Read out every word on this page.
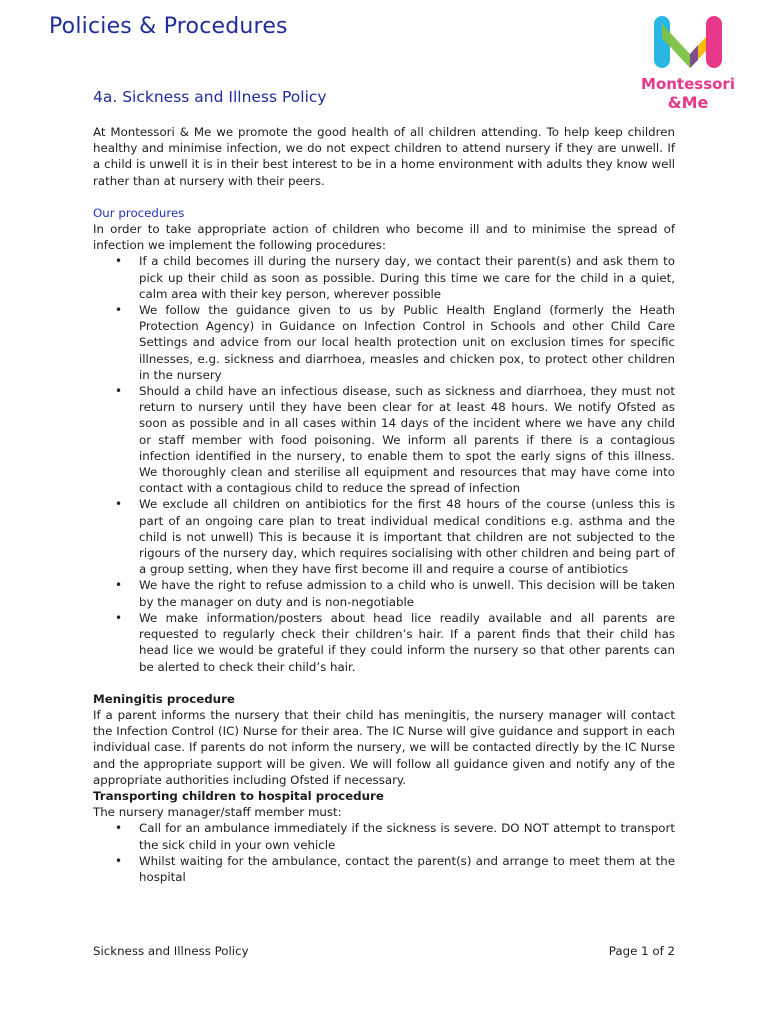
Policies & Procedures
Montessori
&Me
4a. Sickness and Illness Policy

At Montessori & Me we promote the good health of all children attending. To help keep children healthy and minimise infection, we do not expect children to attend nursery if they are unwell. If a child is unwell it is in their best interest to be in a home environment with adults they know well rather than at nursery with their peers.

Our procedures

In order to take appropriate action of children who become ill and to minimise the spread of infection we implement the following procedures:

• If a child becomes ill during the nursery day, we contact their parent(s) and ask them to pick up their child as soon as possible. During this time we care for the child in a quiet, calm area with their key person, wherever possible
• We follow the guidance given to us by Public Health England (formerly the Heath Protection Agency) in Guidance on Infection Control in Schools and other Child Care Settings and advice from our local health protection unit on exclusion times for specific illnesses, e.g. sickness and diarrhoea, measles and chicken pox, to protect other children in the nursery
• Should a child have an infectious disease, such as sickness and diarrhoea, they must not return to nursery until they have been clear for at least 48 hours. We notify Ofsted as soon as possible and in all cases within 14 days of the incident where we have any child or staff member with food poisoning. We inform all parents if there is a contagious infection identified in the nursery, to enable them to spot the early signs of this illness. We thoroughly clean and sterilise all equipment and resources that may have come into contact with a contagious child to reduce the spread of infection
• We exclude all children on antibiotics for the first 48 hours of the course (unless this is part of an ongoing care plan to treat individual medical conditions e.g. asthma and the child is not unwell) This is because it is important that children are not subjected to the rigours of the nursery day, which requires socialising with other children and being part of a group setting, when they have first become ill and require a course of antibiotics
• We have the right to refuse admission to a child who is unwell. This decision will be taken by the manager on duty and is non-negotiable
• We make information/posters about head lice readily available and all parents are requested to regularly check their children’s hair. If a parent finds that their child has head lice we would be grateful if they could inform the nursery so that other parents can be alerted to check their child’s hair.

Meningitis procedure

If a parent informs the nursery that their child has meningitis, the nursery manager will contact the Infection Control (IC) Nurse for their area. The IC Nurse will give guidance and support in each individual case. If parents do not inform the nursery, we will be contacted directly by the IC Nurse and the appropriate support will be given. We will follow all guidance given and notify any of the appropriate authorities including Ofsted if necessary.

Transporting children to hospital procedure

The nursery manager/staff member must:

• Call for an ambulance immediately if the sickness is severe. DO NOT attempt to transport the sick child in your own vehicle
• Whilst waiting for the ambulance, contact the parent(s) and arrange to meet them at the hospital

Sickness and Illness Policy	Page 1 of 2
